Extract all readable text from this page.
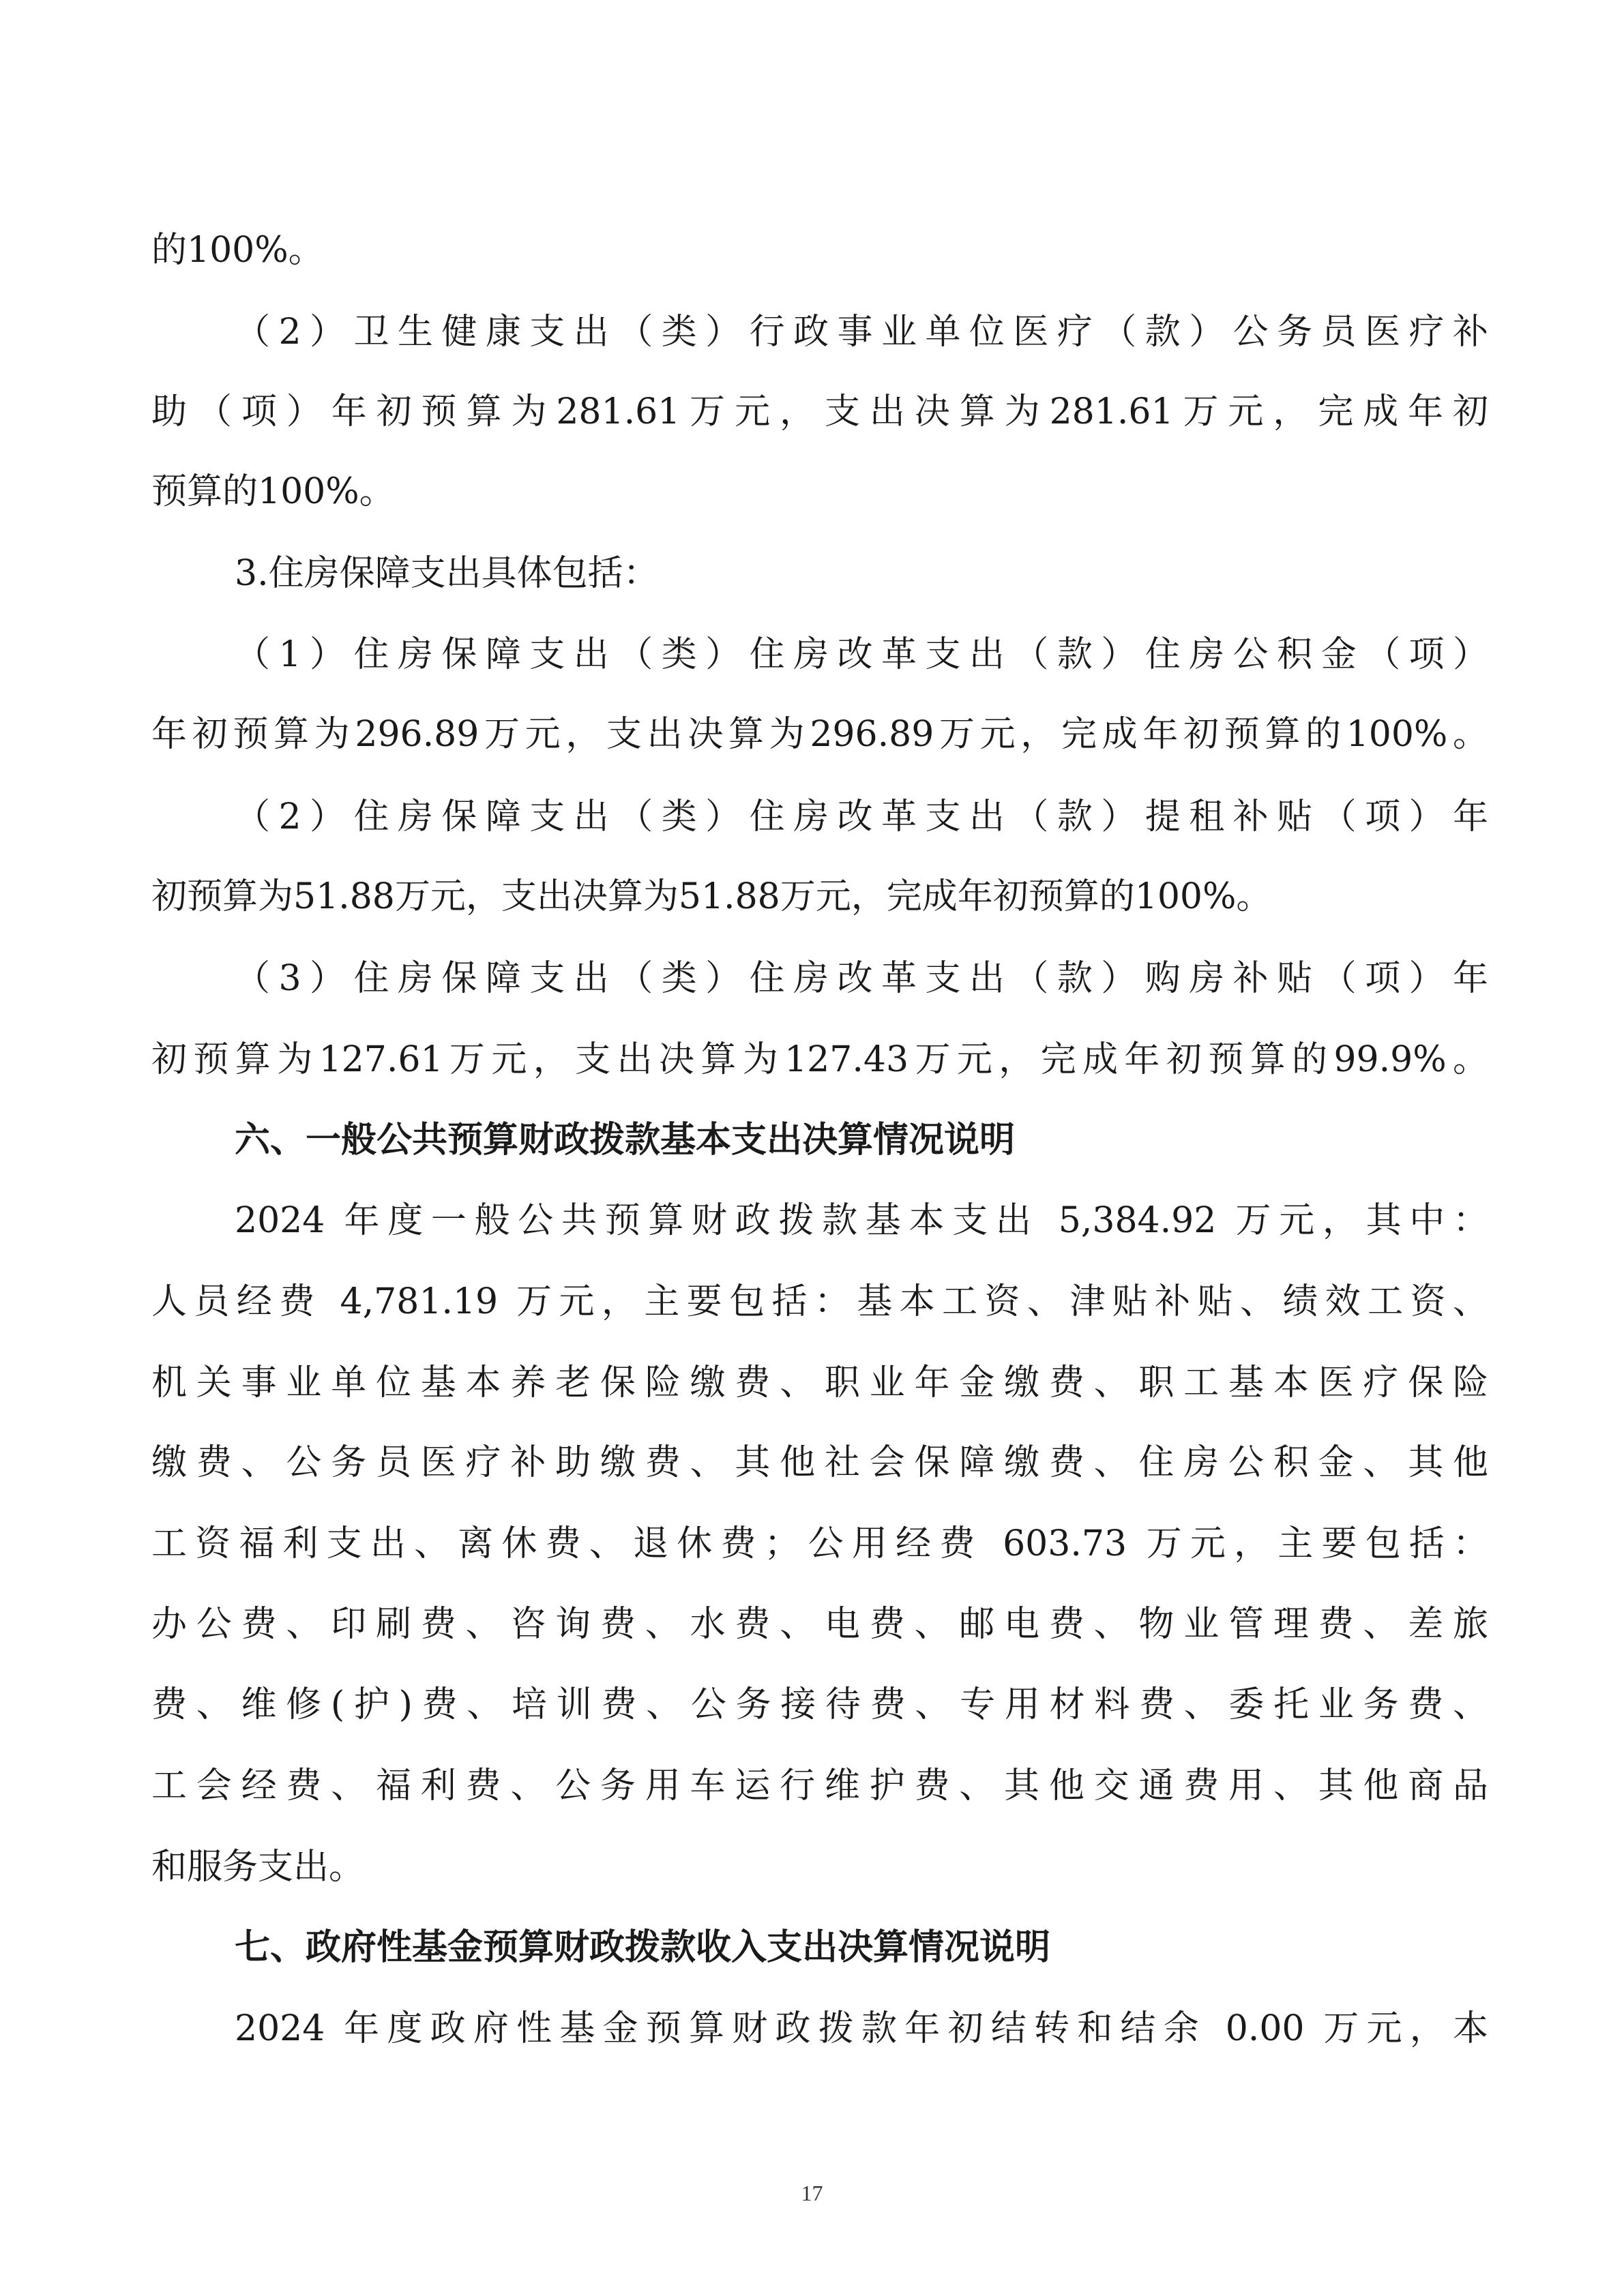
的100%。
（2）卫生健康支出（类）行政事业单位医疗（款）公务员医疗补
助（项）年初预算为281.61万元，支出决算为281.61万元，完成年初
预算的100%。
3.住房保障支出具体包括：
（1）住房保障支出（类）住房改革支出（款）住房公积金（项）
年初预算为296.89万元，支出决算为296.89万元，完成年初预算的100%。
（2）住房保障支出（类）住房改革支出（款）提租补贴（项）年
初预算为51.88万元，支出决算为51.88万元，完成年初预算的100%。
（3）住房保障支出（类）住房改革支出（款）购房补贴（项）年
初预算为127.61万元，支出决算为127.43万元，完成年初预算的99.9%。
六、一般公共预算财政拨款基本支出决算情况说明
2024 年度一般公共预算财政拨款基本支出 5,384.92 万元，其中：
人员经费 4,781.19 万元，主要包括：基本工资、津贴补贴、绩效工资、
机关事业单位基本养老保险缴费、职业年金缴费、职工基本医疗保险
缴费、公务员医疗补助缴费、其他社会保障缴费、住房公积金、其他
工资福利支出、离休费、退休费；公用经费 603.73 万元，主要包括：
办公费、印刷费、咨询费、水费、电费、邮电费、物业管理费、差旅
费、维修(护)费、培训费、公务接待费、专用材料费、委托业务费、
工会经费、福利费、公务用车运行维护费、其他交通费用、其他商品
和服务支出。
七、政府性基金预算财政拨款收入支出决算情况说明
2024 年度政府性基金预算财政拨款年初结转和结余 0.00 万元，本
17
